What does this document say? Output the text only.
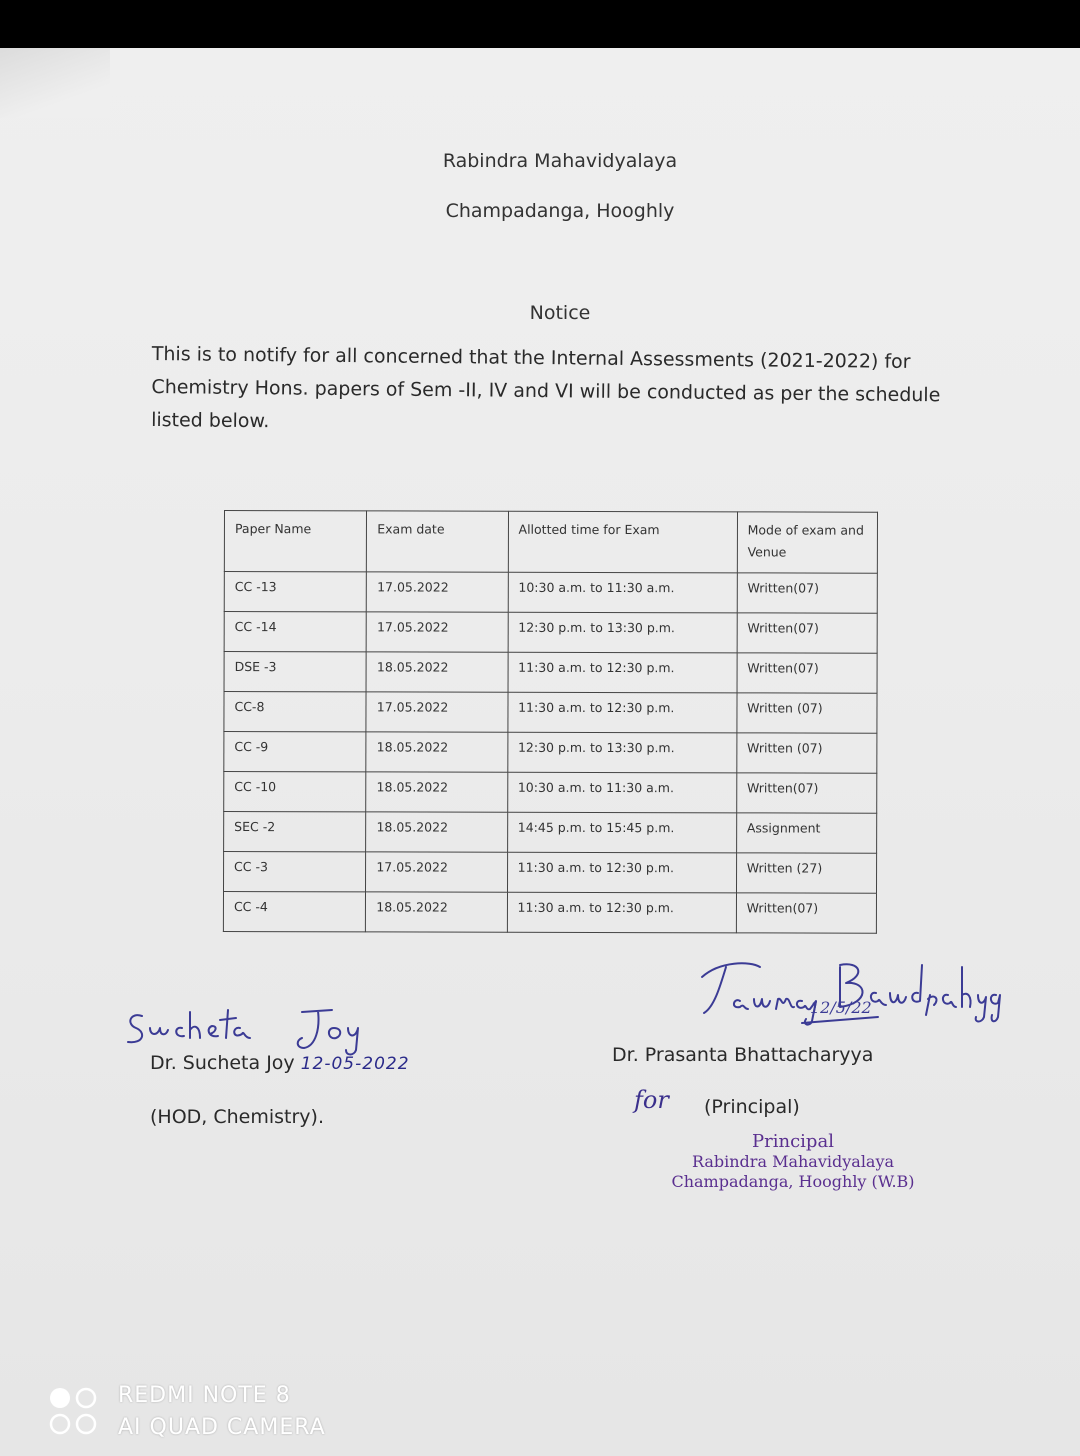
Rabindra Mahavidyalaya
Champadanga, Hooghly
Notice
This is to notify for all concerned that the Internal Assessments (2021-2022) for Chemistry Hons. papers of Sem -II, IV and VI will be conducted as per the schedule listed below.
Paper Name	Exam date	Allotted time for Exam	Mode of exam and Venue
CC -13	17.05.2022	10:30 a.m. to 11:30 a.m.	Written(07)
CC -14	17.05.2022	12:30 p.m. to 13:30 p.m.	Written(07)
DSE -3	18.05.2022	11:30 a.m. to 12:30 p.m.	Written(07)
CC-8	17.05.2022	11:30 a.m. to 12:30 p.m.	Written (07)
CC -9	18.05.2022	12:30 p.m. to 13:30 p.m.	Written (07)
CC -10	18.05.2022	10:30 a.m. to 11:30 a.m.	Written(07)
SEC -2	18.05.2022	14:45 p.m. to 15:45 p.m.	Assignment
CC -3	17.05.2022	11:30 a.m. to 12:30 p.m.	Written (27)
CC -4	18.05.2022	11:30 a.m. to 12:30 p.m.	Written(07)
Dr. Sucheta Joy 12-05-2022
(HOD, Chemistry).
12/5/22
Dr. Prasanta Bhattacharyya
for (Principal)
Principal
Rabindra Mahavidyalaya
Champadanga, Hooghly (W.B)
REDMI NOTE 8
AI QUAD CAMERA
